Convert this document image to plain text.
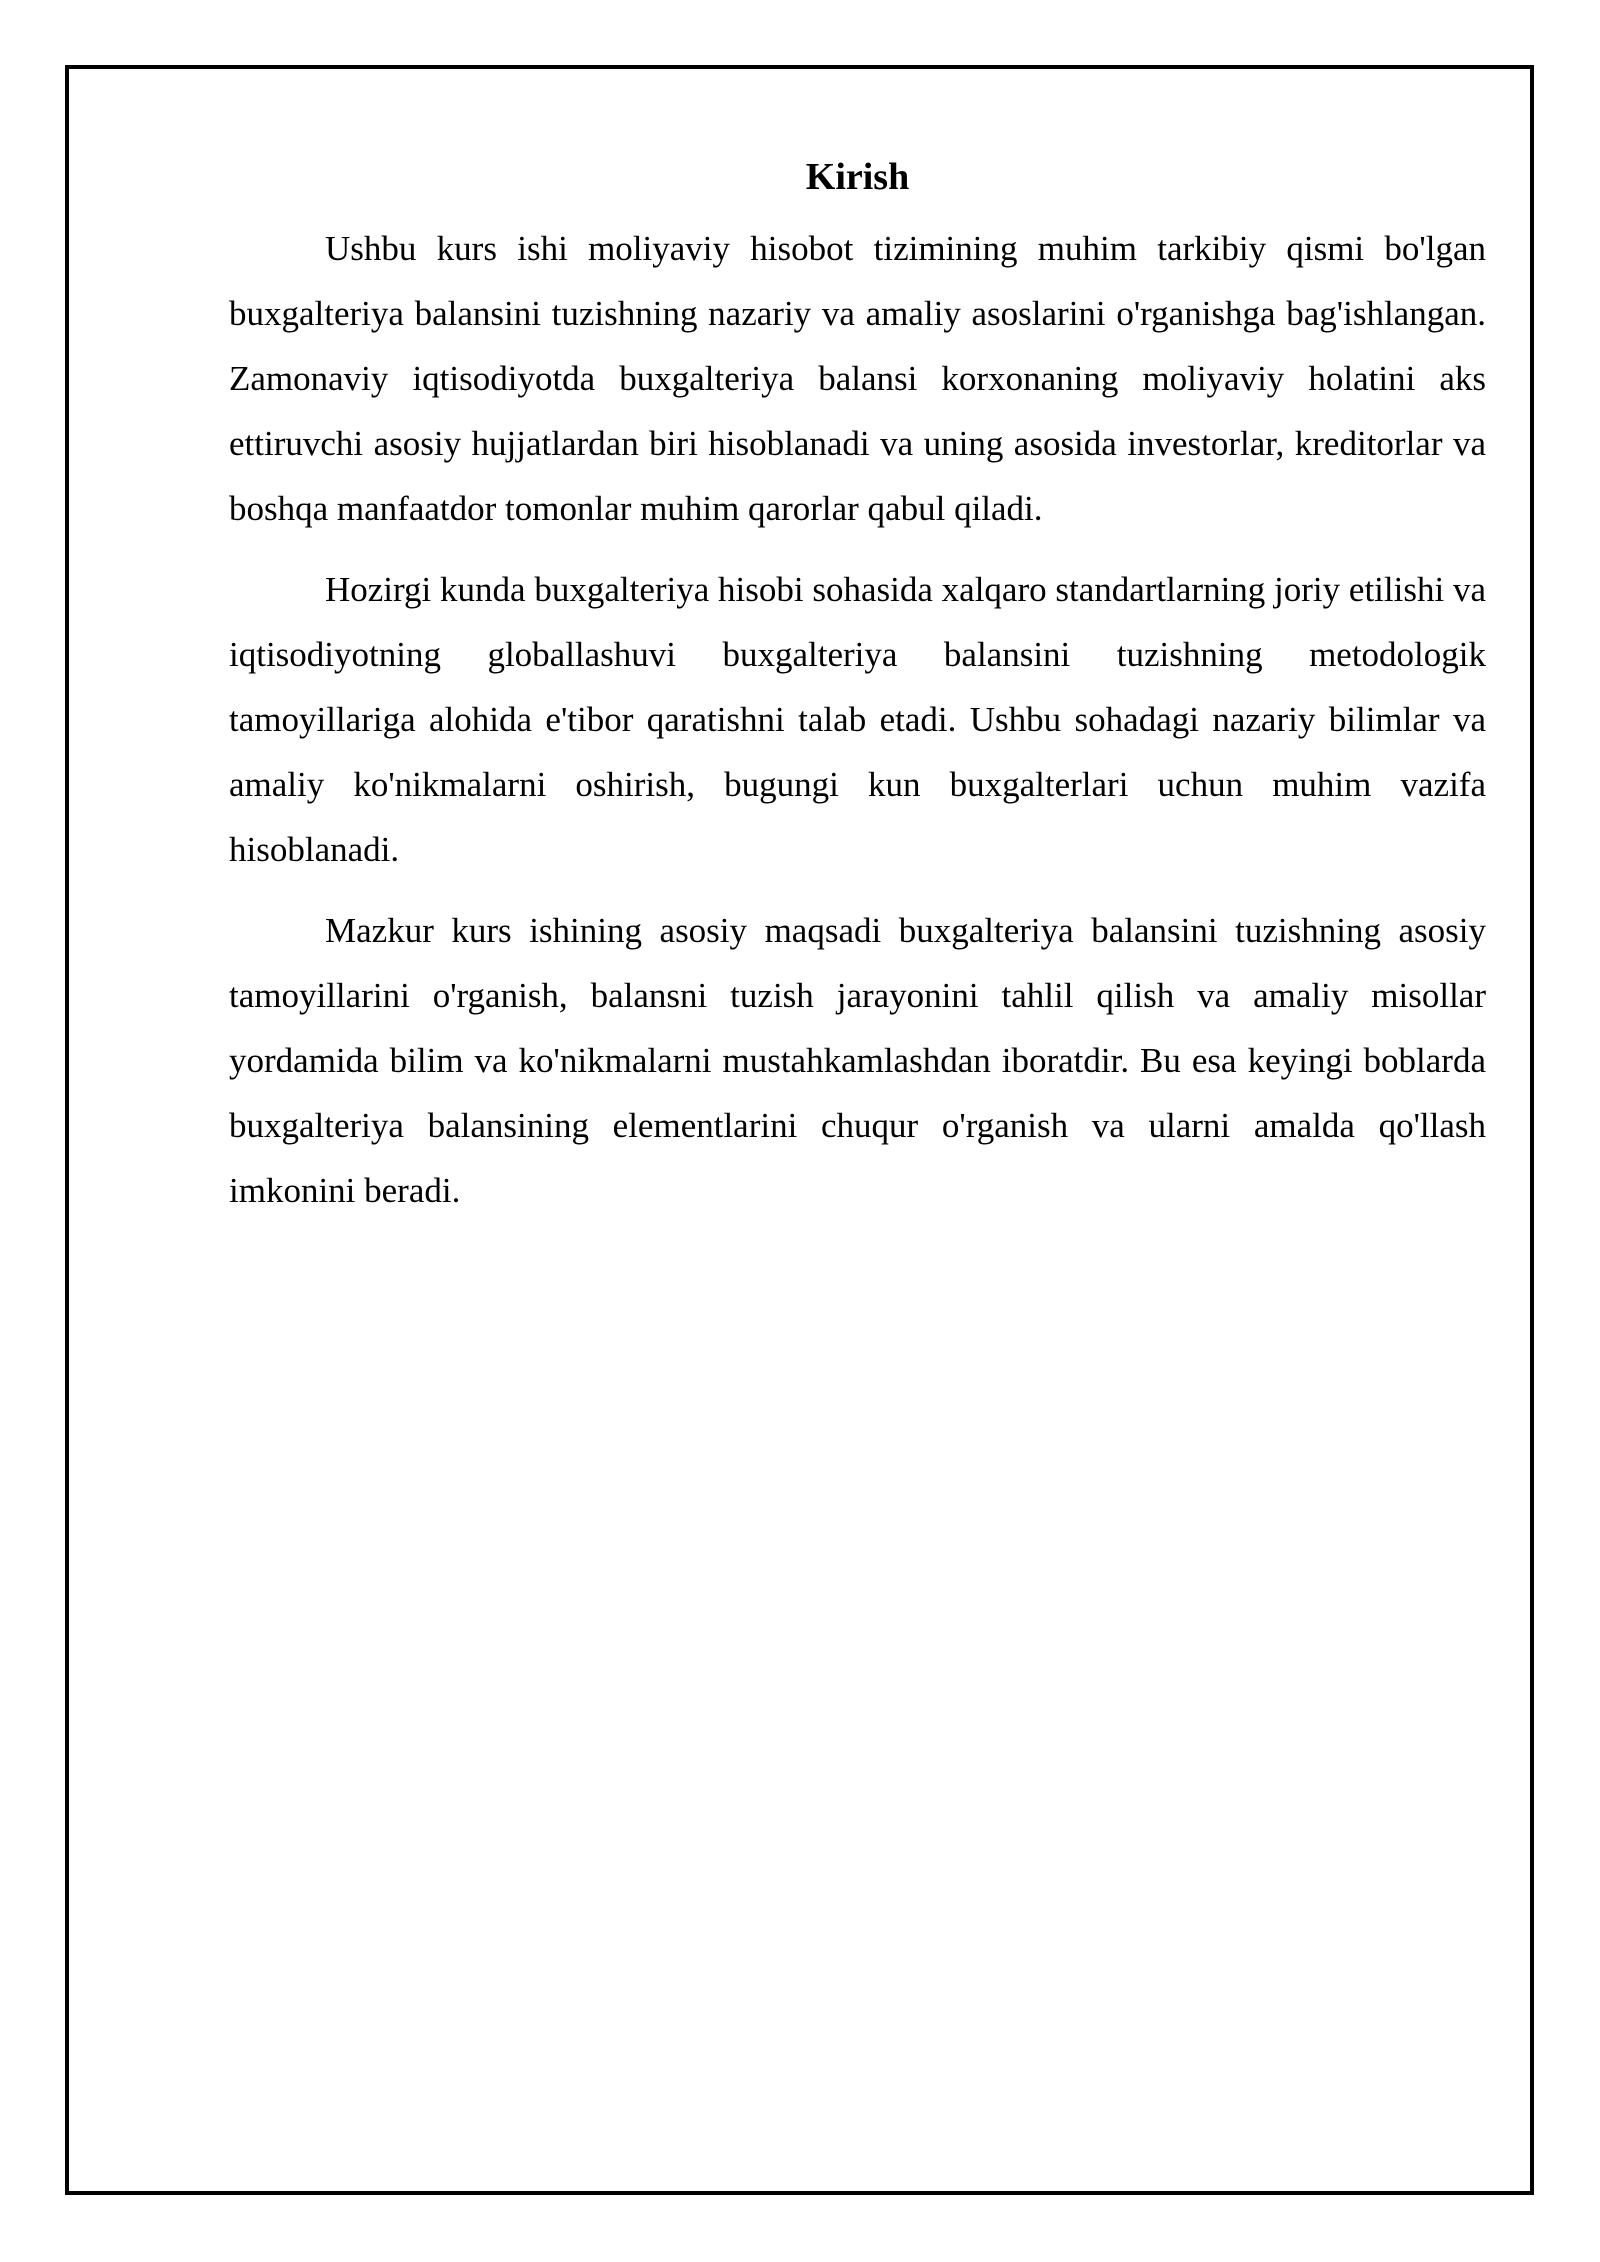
Kirish

Ushbu kurs ishi moliyaviy hisobot tizimining muhim tarkibiy qismi bo'lgan buxgalteriya balansini tuzishning nazariy va amaliy asoslarini o'rganishga bag'ishlangan. Zamonaviy iqtisodiyotda buxgalteriya balansi korxonaning moliyaviy holatini aks ettiruvchi asosiy hujjatlardan biri hisoblanadi va uning asosida investorlar, kreditorlar va boshqa manfaatdor tomonlar muhim qarorlar qabul qiladi.

Hozirgi kunda buxgalteriya hisobi sohasida xalqaro standartlarning joriy etilishi va iqtisodiyotning globallashuvi buxgalteriya balansini tuzishning metodologik tamoyillariga alohida e'tibor qaratishni talab etadi. Ushbu sohadagi nazariy bilimlar va amaliy ko'nikmalarni oshirish, bugungi kun buxgalterlari uchun muhim vazifa hisoblanadi.

Mazkur kurs ishining asosiy maqsadi buxgalteriya balansini tuzishning asosiy tamoyillarini o'rganish, balansni tuzish jarayonini tahlil qilish va amaliy misollar yordamida bilim va ko'nikmalarni mustahkamlashdan iboratdir. Bu esa keyingi boblarda buxgalteriya balansining elementlarini chuqur o'rganish va ularni amalda qo'llash imkonini beradi.
